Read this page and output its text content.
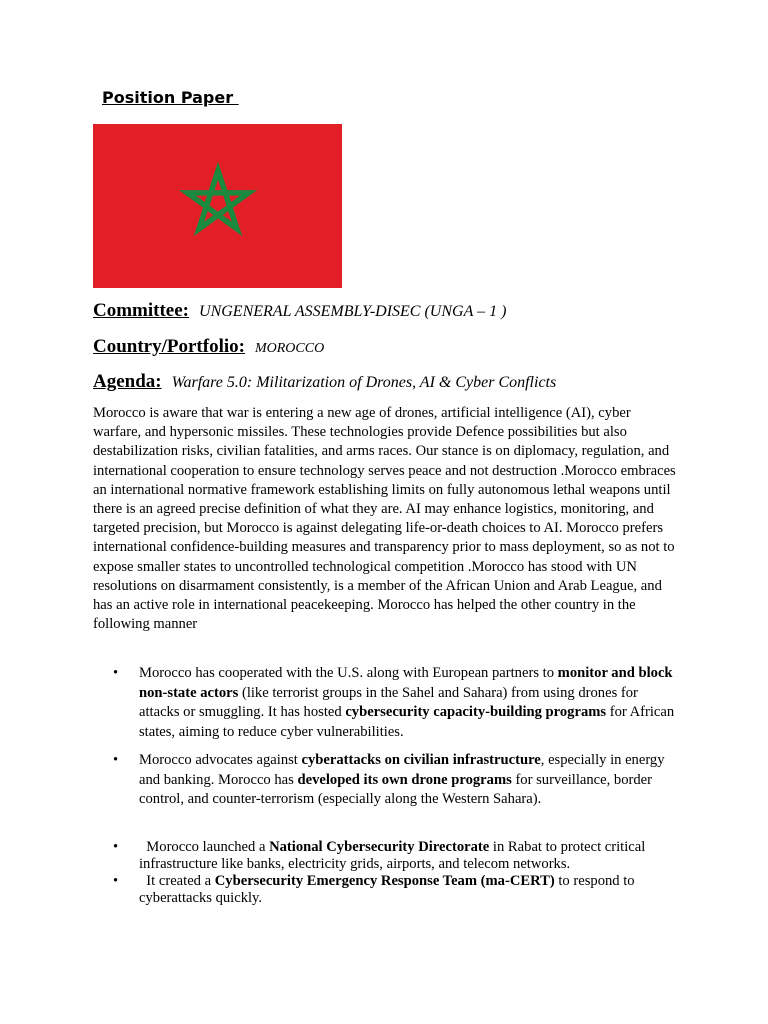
Position Paper
Committee: UNGENERAL ASSEMBLY-DISEC (UNGA – 1 )
Country/Portfolio: MOROCCO
Agenda: Warfare 5.0: Militarization of Drones, AI & Cyber Conflicts

Morocco is aware that war is entering a new age of drones, artificial intelligence (AI), cyber warfare, and hypersonic missiles. These technologies provide Defence possibilities but also destabilization risks, civilian fatalities, and arms races. Our stance is on diplomacy, regulation, and international cooperation to ensure technology serves peace and not destruction .Morocco embraces an international normative framework establishing limits on fully autonomous lethal weapons until there is an agreed precise definition of what they are. AI may enhance logistics, monitoring, and targeted precision, but Morocco is against delegating life-or-death choices to AI. Morocco prefers international confidence-building measures and transparency prior to mass deployment, so as not to expose smaller states to uncontrolled technological competition .Morocco has stood with UN resolutions on disarmament consistently, is a member of the African Union and Arab League, and has an active role in international peacekeeping. Morocco has helped the other country in the following manner

• Morocco has cooperated with the U.S. along with European partners to monitor and block non-state actors (like terrorist groups in the Sahel and Sahara) from using drones for attacks or smuggling. It has hosted cybersecurity capacity-building programs for African states, aiming to reduce cyber vulnerabilities.
• Morocco advocates against cyberattacks on civilian infrastructure, especially in energy and banking. Morocco has developed its own drone programs for surveillance, border control, and counter-terrorism (especially along the Western Sahara).
• Morocco launched a National Cybersecurity Directorate in Rabat to protect critical infrastructure like banks, electricity grids, airports, and telecom networks.
• It created a Cybersecurity Emergency Response Team (ma-CERT) to respond to cyberattacks quickly.
